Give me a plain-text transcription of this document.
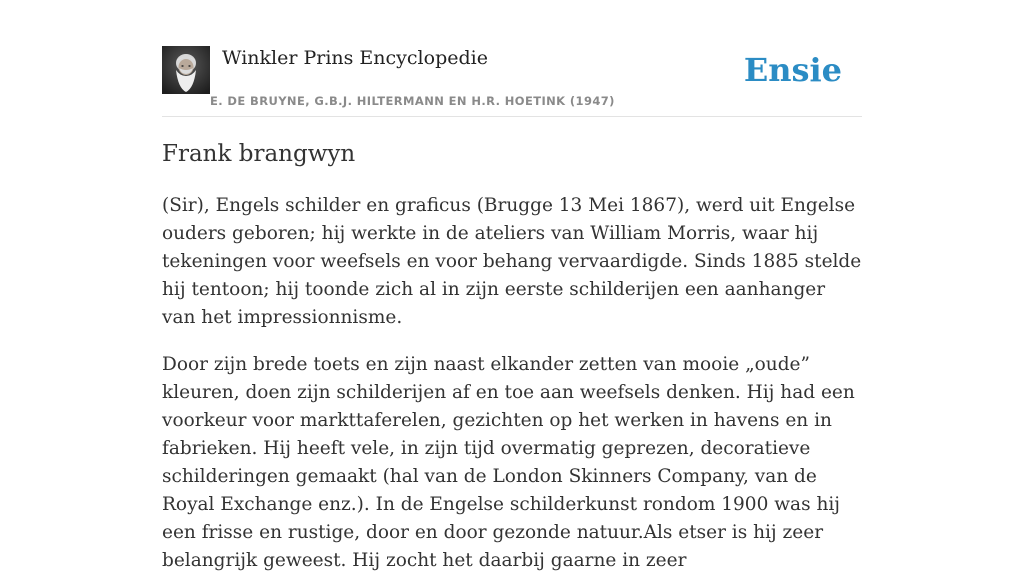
Winkler Prins Encyclopedie
E. DE BRUYNE, G.B.J. HILTERMANN EN H.R. HOETINK (1947)
Ensie
Frank brangwyn

(Sir), Engels schilder en graficus (Brugge 13 Mei 1867), werd uit Engelse ouders geboren; hij werkte in de ateliers van William Morris, waar hij tekeningen voor weefsels en voor behang vervaardigde. Sinds 1885 stelde hij tentoon; hij toonde zich al in zijn eerste schilderijen een aanhanger van het impressionnisme.

Door zijn brede toets en zijn naast elkander zetten van mooie „oude” kleuren, doen zijn schilderijen af en toe aan weefsels denken. Hij had een voorkeur voor markttaferelen, gezichten op het werken in havens en in fabrieken. Hij heeft vele, in zijn tijd overmatig geprezen, decoratieve schilderingen gemaakt (hal van de London Skinners Company, van de Royal Exchange enz.). In de Engelse schilderkunst rondom 1900 was hij een frisse en rustige, door en door gezonde natuur.Als etser is hij zeer belangrijk geweest. Hij zocht het daarbij gaarne in zeer
